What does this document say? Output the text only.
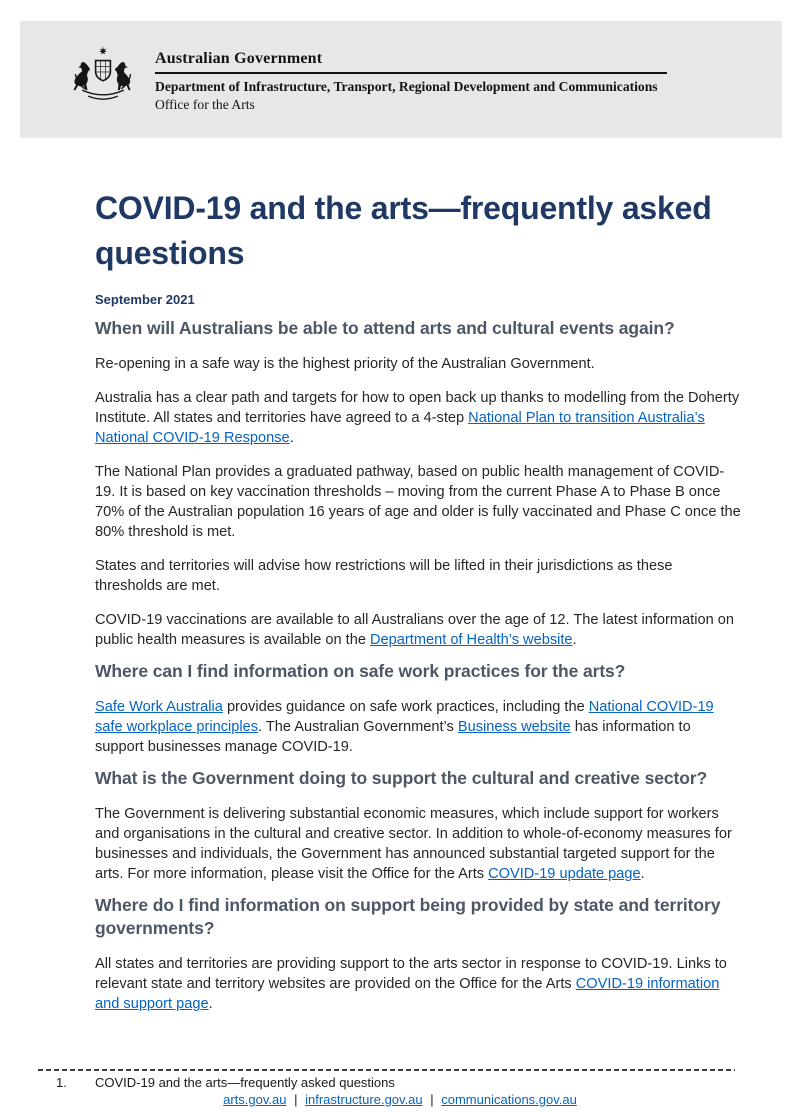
Australian Government
Department of Infrastructure, Transport, Regional Development and Communications
Office for the Arts
COVID-19 and the arts—frequently asked questions
September 2021
When will Australians be able to attend arts and cultural events again?

Re-opening in a safe way is the highest priority of the Australian Government.

Australia has a clear path and targets for how to open back up thanks to modelling from the Doherty Institute. All states and territories have agreed to a 4-step National Plan to transition Australia’s National COVID-19 Response.

The National Plan provides a graduated pathway, based on public health management of COVID-19. It is based on key vaccination thresholds – moving from the current Phase A to Phase B once 70% of the Australian population 16 years of age and older is fully vaccinated and Phase C once the 80% threshold is met.

States and territories will advise how restrictions will be lifted in their jurisdictions as these thresholds are met.

COVID-19 vaccinations are available to all Australians over the age of 12. The latest information on public health measures is available on the Department of Health’s website.

Where can I find information on safe work practices for the arts?

Safe Work Australia provides guidance on safe work practices, including the National COVID-19 safe workplace principles. The Australian Government’s Business website has information to support businesses manage COVID-19.

What is the Government doing to support the cultural and creative sector?

The Government is delivering substantial economic measures, which include support for workers and organisations in the cultural and creative sector. In addition to whole-of-economy measures for businesses and individuals, the Government has announced substantial targeted support for the arts. For more information, please visit the Office for the Arts COVID-19 update page.

Where do I find information on support being provided by state and territory governments?

All states and territories are providing support to the arts sector in response to COVID-19. Links to relevant state and territory websites are provided on the Office for the Arts COVID-19 information and support page.

1. COVID-19 and the arts—frequently asked questions
arts.gov.au | infrastructure.gov.au | communications.gov.au
